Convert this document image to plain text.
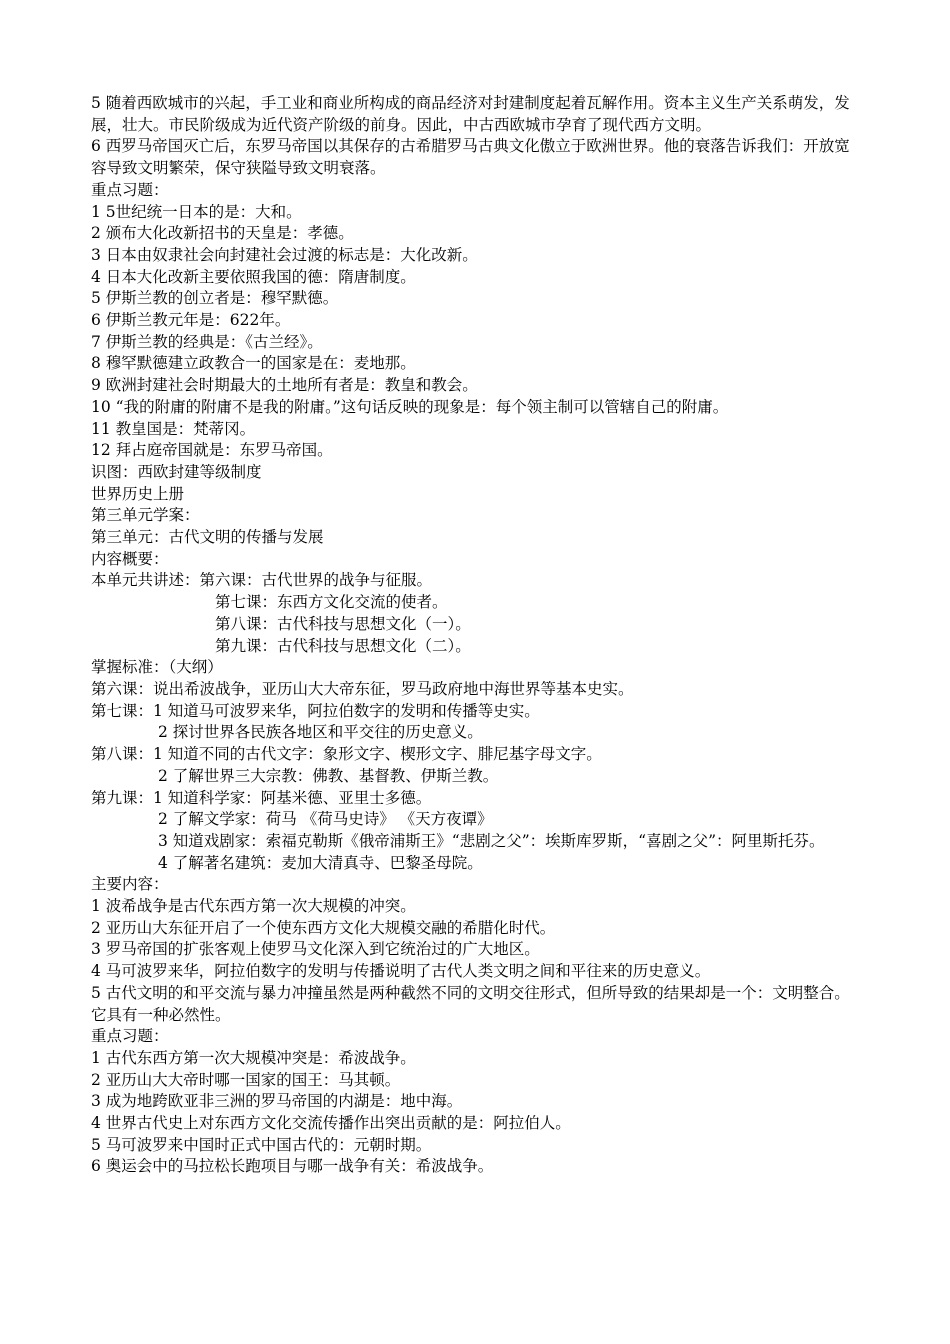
5 随着西欧城市的兴起，手工业和商业所构成的商品经济对封建制度起着瓦解作用。资本主义生产关系萌发，发展，壮大。市民阶级成为近代资产阶级的前身。因此，中古西欧城市孕育了现代西方文明。
6 西罗马帝国灭亡后，东罗马帝国以其保存的古希腊罗马古典文化傲立于欧洲世界。他的衰落告诉我们：开放宽容导致文明繁荣，保守狭隘导致文明衰落。
重点习题：
1 5世纪统一日本的是：大和。
2 颁布大化改新招书的天皇是：孝德。
3 日本由奴隶社会向封建社会过渡的标志是：大化改新。
4 日本大化改新主要依照我国的德：隋唐制度。
5 伊斯兰教的创立者是：穆罕默德。
6 伊斯兰教元年是：622年。
7 伊斯兰教的经典是：《古兰经》。
8 穆罕默德建立政教合一的国家是在：麦地那。
9 欧洲封建社会时期最大的土地所有者是：教皇和教会。
10 “我的附庸的附庸不是我的附庸。”这句话反映的现象是：每个领主制可以管辖自己的附庸。
11 教皇国是：梵蒂冈。
12 拜占庭帝国就是：东罗马帝国。
识图：西欧封建等级制度
世界历史上册
第三单元学案：
第三单元：古代文明的传播与发展
内容概要：
本单元共讲述：第六课：古代世界的战争与征服。
第七课：东西方文化交流的使者。
第八课：古代科技与思想文化（一）。
第九课：古代科技与思想文化（二）。
掌握标准：（大纲）
第六课：说出希波战争，亚历山大大帝东征，罗马政府地中海世界等基本史实。
第七课：1 知道马可波罗来华，阿拉伯数字的发明和传播等史实。
2 探讨世界各民族各地区和平交往的历史意义。
第八课：1 知道不同的古代文字：象形文字、楔形文字、腓尼基字母文字。
2 了解世界三大宗教：佛教、基督教、伊斯兰教。
第九课：1 知道科学家：阿基米德、亚里士多德。
2 了解文学家：荷马 《荷马史诗》 《天方夜谭》
3 知道戏剧家：索福克勒斯《俄帝浦斯王》“悲剧之父”：埃斯库罗斯，“喜剧之父”：阿里斯托芬。
4 了解著名建筑：麦加大清真寺、巴黎圣母院。
主要内容：
1 波希战争是古代东西方第一次大规模的冲突。
2 亚历山大东征开启了一个使东西方文化大规模交融的希腊化时代。
3 罗马帝国的扩张客观上使罗马文化深入到它统治过的广大地区。
4 马可波罗来华，阿拉伯数字的发明与传播说明了古代人类文明之间和平往来的历史意义。
5 古代文明的和平交流与暴力冲撞虽然是两种截然不同的文明交往形式，但所导致的结果却是一个：文明整合。它具有一种必然性。
重点习题：
1 古代东西方第一次大规模冲突是：希波战争。
2 亚历山大大帝时哪一国家的国王：马其顿。
3 成为地跨欧亚非三洲的罗马帝国的内湖是：地中海。
4 世界古代史上对东西方文化交流传播作出突出贡献的是：阿拉伯人。
5 马可波罗来中国时正式中国古代的：元朝时期。
6 奥运会中的马拉松长跑项目与哪一战争有关：希波战争。
